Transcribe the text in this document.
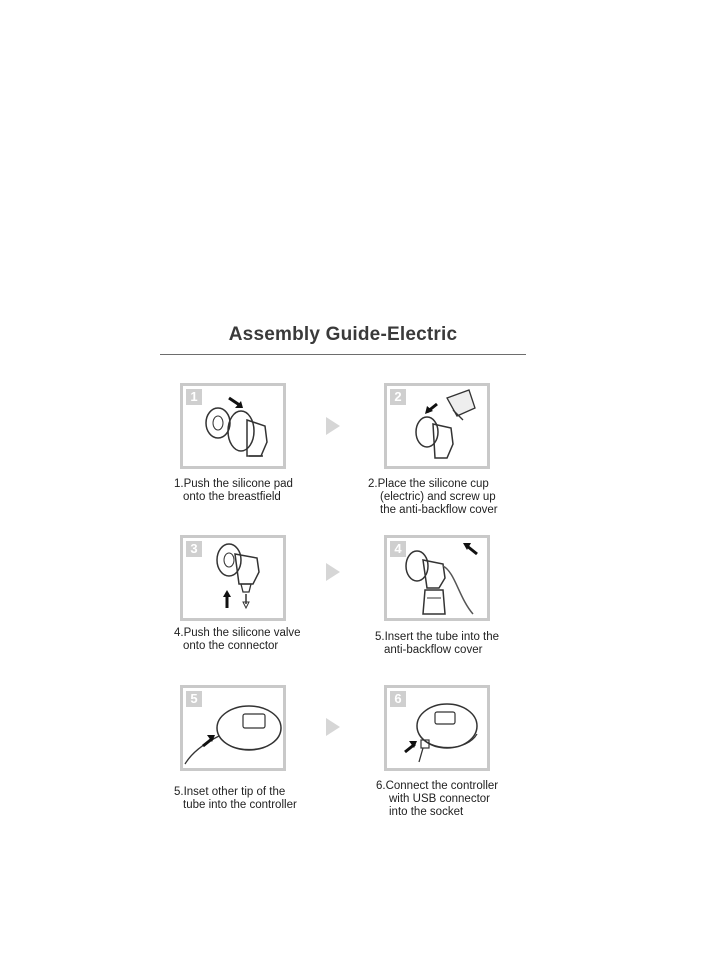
Assembly Guide-Electric
1
1.Push the silicone pad
onto the breastfield
2
2.Place the silicone cup
(electric) and screw up
the anti-backflow cover
3
4.Push the silicone valve
onto the connector
4
5.Insert the tube into the
anti-backflow cover
5
5.Inset other tip of the
tube into the controller
6
6.Connect the controller
with USB connector
into the socket
